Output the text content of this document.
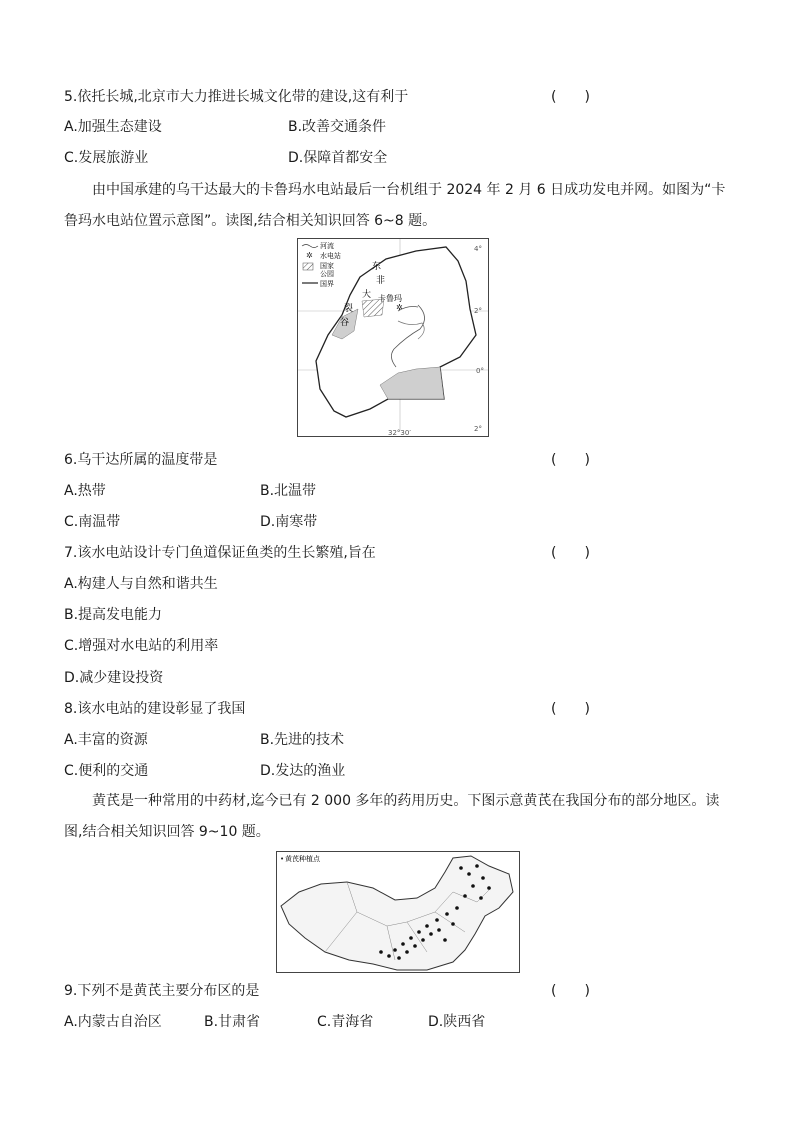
5.依托长城,北京市大力推进长城文化带的建设,这有利于	(　　)
A.加强生态建设	B.改善交通条件
C.发展旅游业	D.保障首都安全
由中国承建的乌干达最大的卡鲁玛水电站最后一台机组于 2024 年 2 月 6 日成功发电并网。如图为“卡鲁玛水电站位置示意图”。读图,结合相关知识回答 6~8 题。
河流
✲ 水电站
国家
公园
国界
东
非
大
裂
谷
卡鲁玛
✲
4°
2°
0°
2°
32°30′
6.乌干达所属的温度带是	(　　)
A.热带	B.北温带
C.南温带	D.南寒带
7.该水电站设计专门鱼道保证鱼类的生长繁殖,旨在	(　　)
A.构建人与自然和谐共生
B.提高发电能力
C.增强对水电站的利用率
D.减少建设投资
8.该水电站的建设彰显了我国	(　　)
A.丰富的资源	B.先进的技术
C.便利的交通	D.发达的渔业
黄芪是一种常用的中药材,迄今已有 2 000 多年的药用历史。下图示意黄芪在我国分布的部分地区。读图,结合相关知识回答 9~10 题。
• 黄芪种植点
9.下列不是黄芪主要分布区的是	(　　)
A.内蒙古自治区	B.甘肃省	C.青海省	D.陕西省
